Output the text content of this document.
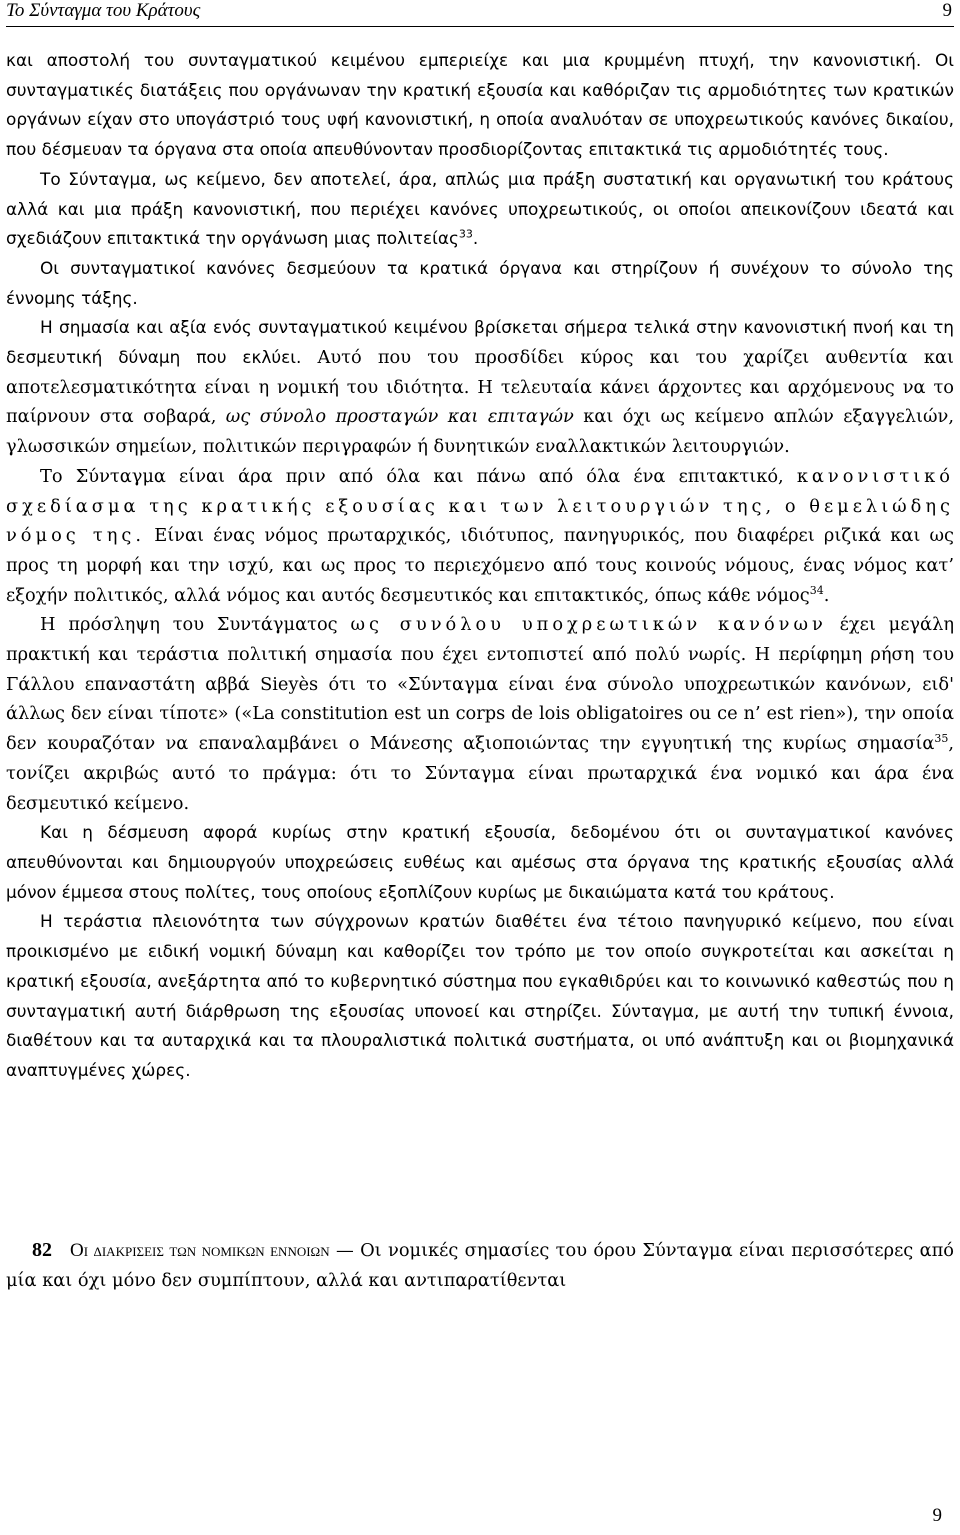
Το Σύνταγμα του Κράτους	9

και αποστολή του συνταγματικού κειμένου εμπεριείχε και μια κρυμμένη πτυχή, την κανονιστική. Οι συνταγματικές διατάξεις που οργάνωναν την κρατική εξουσία και καθόριζαν τις αρμοδιότητες των κρατικών οργάνων είχαν στο υπογάστριό τους υφή κανονιστική, η οποία αναλυόταν σε υποχρεωτικούς κανόνες δικαίου, που δέσμευαν τα όργανα στα οποία απευθύνονταν προσδιορίζοντας επιτακτικά τις αρμοδιότητές τους.

Το Σύνταγμα, ως κείμενο, δεν αποτελεί, άρα, απλώς μια πράξη συστατική και οργανωτική του κράτους αλλά και μια πράξη κανονιστική, που περιέχει κανόνες υποχρεωτικούς, οι οποίοι απεικονίζουν ιδεατά και σχεδιάζουν επιτακτικά την οργάνωση μιας πολιτείας$^{33}$.

Οι συνταγματικοί κανόνες δεσμεύουν τα κρατικά όργανα και στηρίζουν ή συνέχουν το σύνολο της έννομης τάξης.

Η σημασία και αξία ενός συνταγματικού κειμένου βρίσκεται σήμερα τελικά στην κανονιστική πνοή και τη δεσμευτική δύναμη που εκλύει. Αυτό που του προσδίδει κύρος και του χαρίζει αυθεντία και αποτελεσματικότητα είναι η νομική του ιδιότητα. Η τελευταία κάνει άρχοντες και αρχόμενους να το παίρνουν στα σοβαρά, ως σύνολο προσταγών και επιταγών και όχι ως κείμενο απλών εξαγγελιών, γλωσσικών σημείων, πολιτικών περιγραφών ή δυνητικών εναλλακτικών λειτουργιών.

Το Σύνταγμα είναι άρα πριν από όλα και πάνω από όλα ένα επιτακτικό, κανονιστικό σχεδίασμα της κρατικής εξουσίας και των λειτουργιών της, ο θεμελιώδης νόμος της. Είναι ένας νόμος πρωταρχικός, ιδιότυπος, πανηγυρικός, που διαφέρει ριζικά και ως προς τη μορφή και την ισχύ, και ως προς το περιεχόμενο από τους κοινούς νόμους, ένας νόμος κατ’ εξοχήν πολιτικός, αλλά νόμος και αυτός δεσμευτικός και επιτακτικός, όπως κάθε νόμος$^{34}$.

Η πρόσληψη του Συντάγματος ως συνόλου υποχρεωτικών κανόνων έχει μεγάλη πρακτική και τεράστια πολιτική σημασία που έχει εντοπιστεί από πολύ νωρίς. Η περίφημη ρήση του Γάλλου επαναστάτη αββά Sieyès ότι το «Σύνταγμα είναι ένα σύνολο υποχρεωτικών κανόνων, ειδ' άλλως δεν είναι τίποτε» («La constitution est un corps de lois obligatoires ou ce n’ est rien»), την οποία δεν κουραζόταν να επαναλαμβάνει ο Μάνεσης αξιοποιώντας την εγγυητική της κυρίως σημασία$^{35}$, τονίζει ακριβώς αυτό το πράγμα: ότι το Σύνταγμα είναι πρωταρχικά ένα νομικό και άρα ένα δεσμευτικό κείμενο.

Και η δέσμευση αφορά κυρίως στην κρατική εξουσία, δεδομένου ότι οι συνταγματικοί κανόνες απευθύνονται και δημιουργούν υποχρεώσεις ευθέως και αμέσως στα όργανα της κρατικής εξουσίας αλλά μόνον έμμεσα στους πολίτες, τους οποίους εξοπλίζουν κυρίως με δικαιώματα κατά του κράτους.

Η τεράστια πλειονότητα των σύγχρονων κρατών διαθέτει ένα τέτοιο πανηγυρικό κείμενο, που είναι προικισμένο με ειδική νομική δύναμη και καθορίζει τον τρόπο με τον οποίο συγκροτείται και ασκείται η κρατική εξουσία, ανεξάρτητα από το κυβερνητικό σύστημα που εγκαθιδρύει και το κοινωνικό καθεστώς που η συνταγματική αυτή διάρθρωση της εξουσίας υπονοεί και στηρίζει. Σύνταγμα, με αυτή την τυπική έννοια, διαθέτουν και τα αυταρχικά και τα πλουραλιστικά πολιτικά συστήματα, οι υπό ανάπτυξη και οι βιομηχανικά αναπτυγμένες χώρες.

82 Οι διακρισεις των νομικων εννοιων — Οι νομικές σημασίες του όρου Σύνταγμα είναι περισσότερες από μία και όχι μόνο δεν συμπίπτουν, αλλά και αντιπαρατίθενται
9
